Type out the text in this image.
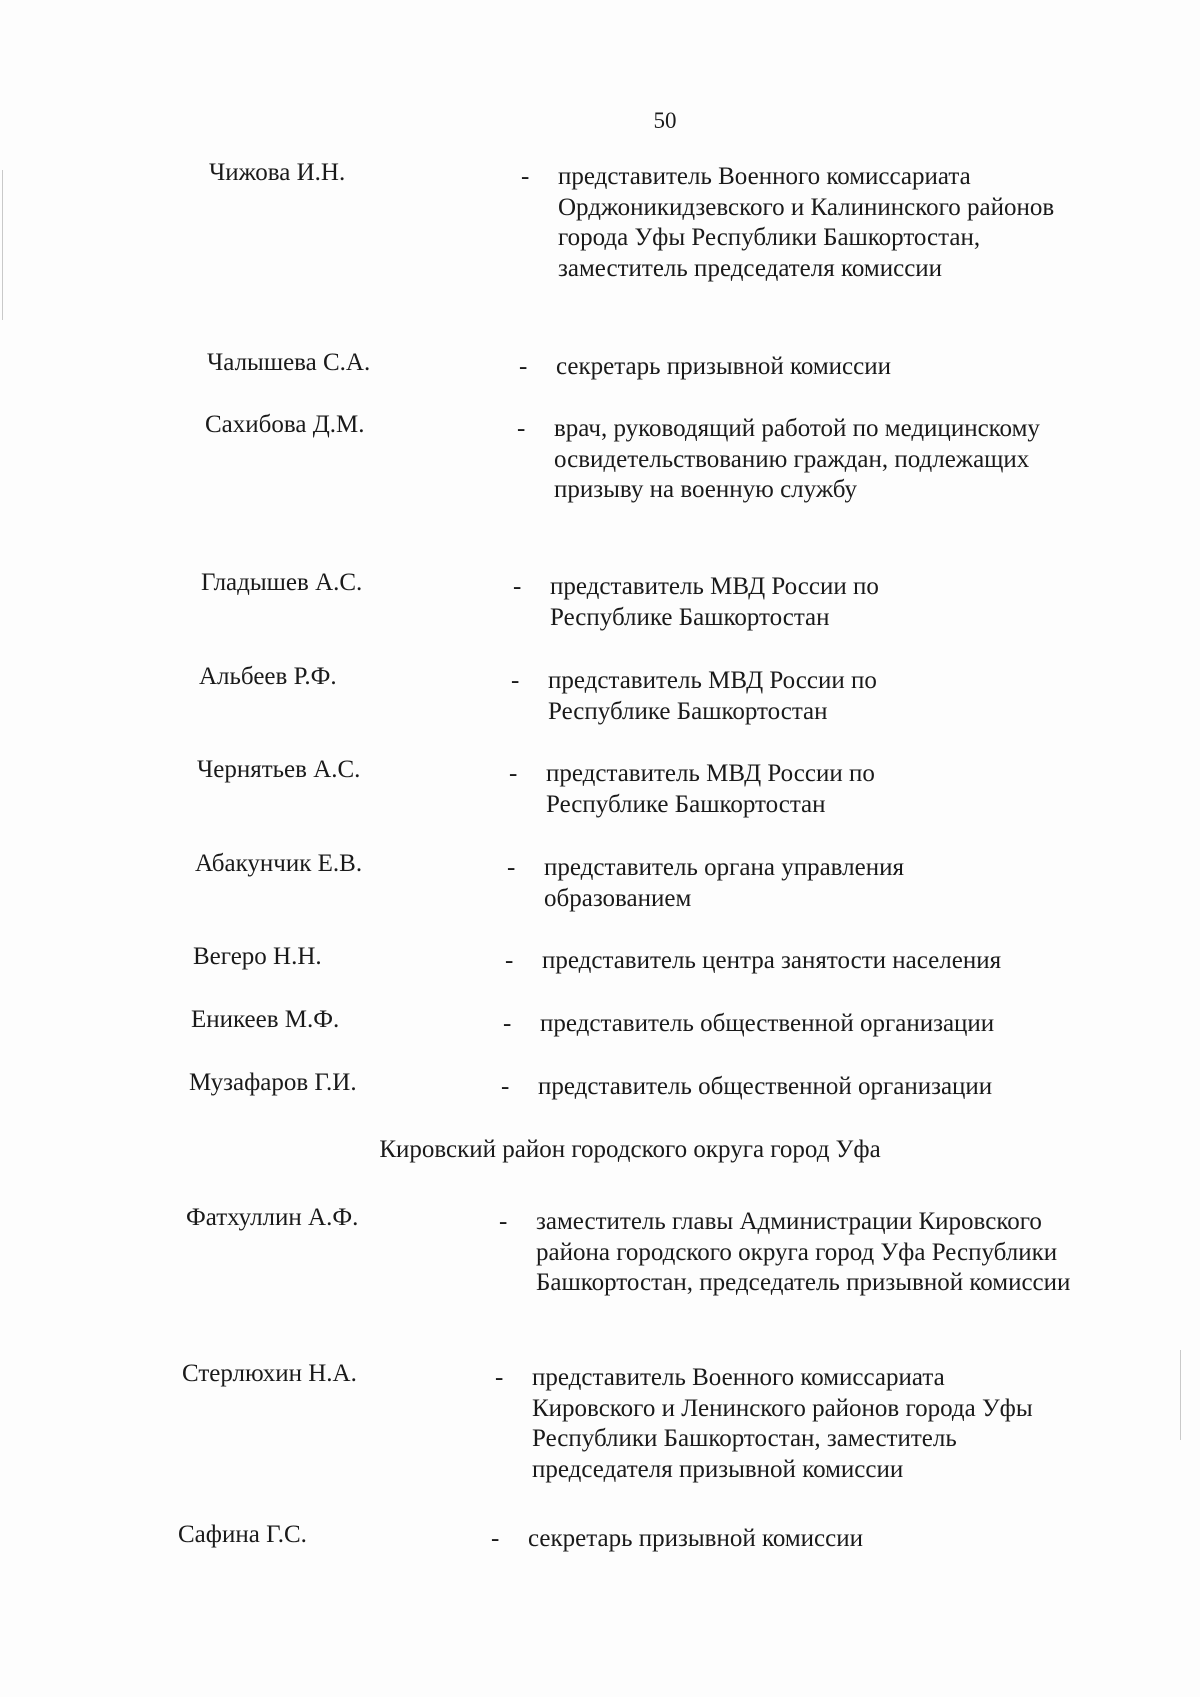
50
Чижова И.Н.	- представитель Военного комиссариата Орджоникидзевского и Калининского районов города Уфы Республики Башкортостан, заместитель председателя комиссии
Чалышева С.А.	- секретарь призывной комиссии
Сахибова Д.М.	- врач, руководящий работой по медицинскому освидетельствованию граждан, подлежащих призыву на военную службу
Гладышев А.С.	- представитель МВД России по Республике Башкортостан
Альбеев Р.Ф.	- представитель МВД России по Республике Башкортостан
Чернятьев А.С.	- представитель МВД России по Республике Башкортостан
Абакунчик Е.В.	- представитель органа управления образованием
Вегеро Н.Н.	- представитель центра занятости населения
Еникеев М.Ф.	- представитель общественной организации
Музафаров Г.И.	- представитель общественной организации
Кировский район городского округа город Уфа
Фатхуллин А.Ф.	- заместитель главы Администрации Кировского района городского округа город Уфа Республики Башкортостан, председатель призывной комиссии
Стерлюхин Н.А.	- представитель Военного комиссариата Кировского и Ленинского районов города Уфы Республики Башкортостан, заместитель председателя призывной комиссии
Сафина Г.С.	- секретарь призывной комиссии
